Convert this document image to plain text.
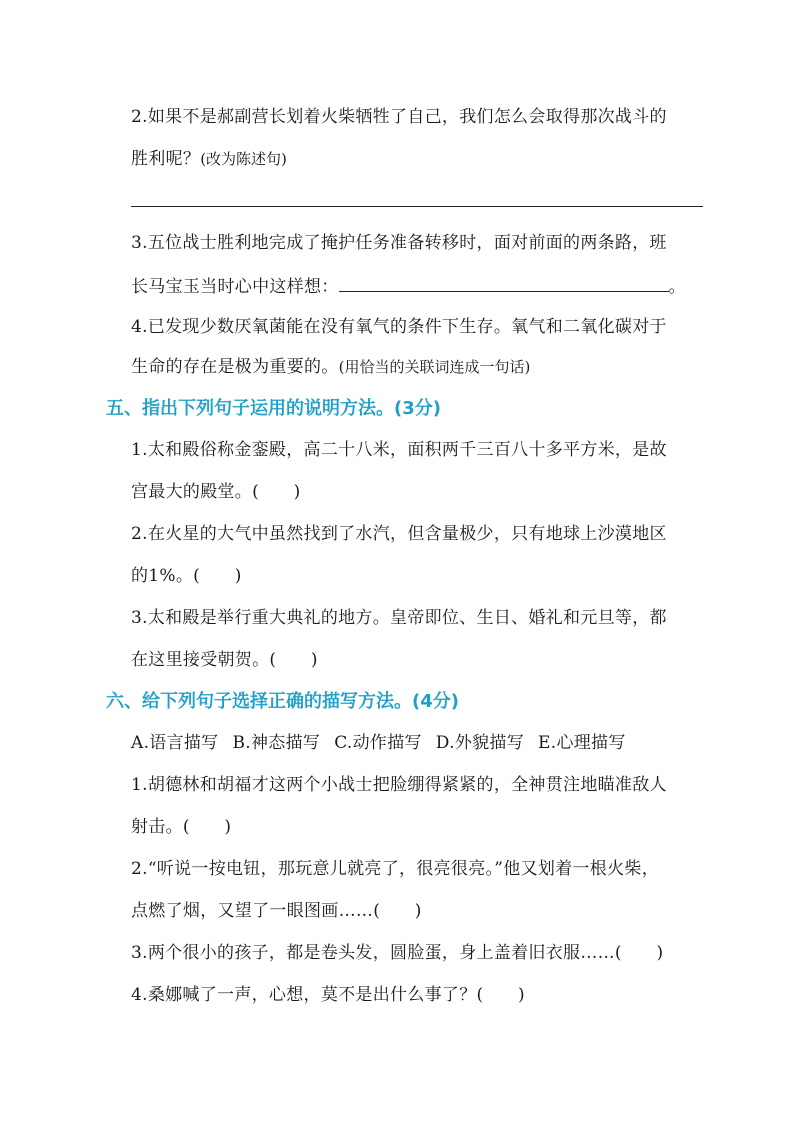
2.如果不是郝副营长划着火柴牺牲了自己，我们怎么会取得那次战斗的
胜利呢？(改为陈述句)
3.五位战士胜利地完成了掩护任务准备转移时，面对前面的两条路，班
长马宝玉当时心中这样想：	。
4.已发现少数厌氧菌能在没有氧气的条件下生存。氧气和二氧化碳对于
生命的存在是极为重要的。(用恰当的关联词连成一句话)
五、指出下列句子运用的说明方法。(3分)
1.太和殿俗称金銮殿，高二十八米，面积两千三百八十多平方米，是故
宫最大的殿堂。(　　)
2.在火星的大气中虽然找到了水汽，但含量极少，只有地球上沙漠地区
的1%。(　　)
3.太和殿是举行重大典礼的地方。皇帝即位、生日、婚礼和元旦等，都
在这里接受朝贺。(　　)
六、给下列句子选择正确的描写方法。(4分)
A.语言描写 B.神态描写 C.动作描写 D.外貌描写 E.心理描写
1.胡德林和胡福才这两个小战士把脸绷得紧紧的，全神贯注地瞄准敌人
射击。(　　)
2.“听说一按电钮，那玩意儿就亮了，很亮很亮。”他又划着一根火柴，
点燃了烟，又望了一眼图画……(　　)
3.两个很小的孩子，都是卷头发，圆脸蛋，身上盖着旧衣服……(　　)
4.桑娜喊了一声，心想，莫不是出什么事了？(　　)
